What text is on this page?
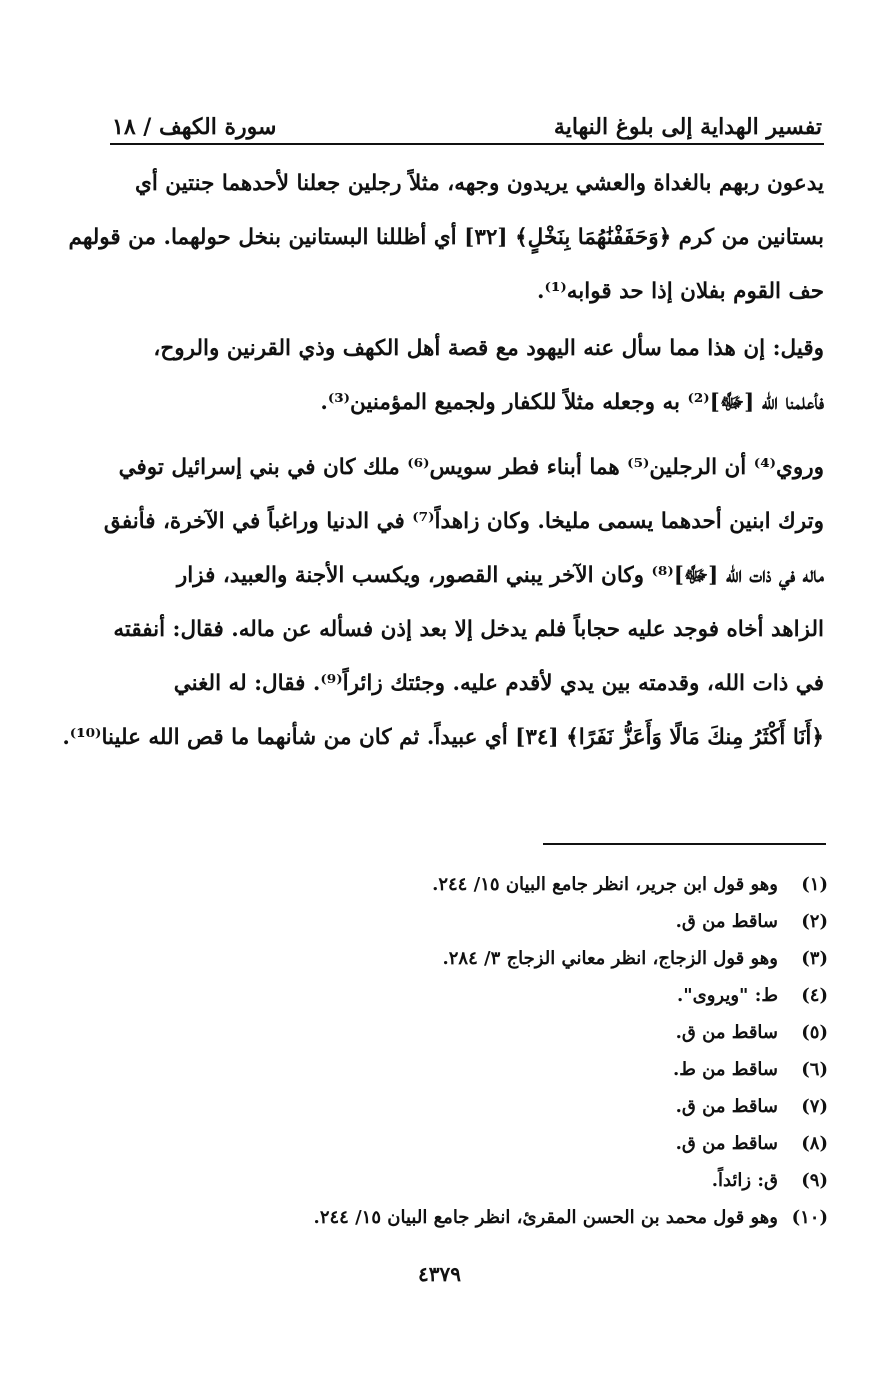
سورة الكهف / ١٨	تفسير الهداية إلى بلوغ النهاية
يدعون ربهم بالغداة والعشي يريدون وجهه، مثلاً رجلين جعلنا لأحدهما جنتين أي
بستانين من كرم ﴿وَحَفَفْنَٰهُمَا بِنَخْلٍ﴾ [٣٢] أي أظللنا البستانين بنخل حولهما. من قولهم
حف القوم بفلان إذا حد قوابه⁽¹⁾.
وقيل: إن هذا مما سأل عنه اليهود مع قصة أهل الكهف وذي القرنين والروح،
فأعلمنا الله [ﷻ]⁽²⁾ به وجعله مثلاً للكفار ولجميع المؤمنين⁽³⁾.
وروي⁽⁴⁾ أن الرجلين⁽⁵⁾ هما أبناء فطر سويس⁽⁶⁾ ملك كان في بني إسرائيل توفي
وترك ابنين أحدهما يسمى مليخا. وكان زاهداً⁽⁷⁾ في الدنيا وراغباً في الآخرة، فأنفق
ماله في ذات الله [ﷻ]⁽⁸⁾ وكان الآخر يبني القصور، ويكسب الأجنة والعبيد، فزار
الزاهد أخاه فوجد عليه حجاباً فلم يدخل إلا بعد إذن فسأله عن ماله. فقال: أنفقته
في ذات الله، وقدمته بين يدي لأقدم عليه. وجئتك زائراً⁽⁹⁾. فقال: له الغني
﴿أَنَا أَكْثَرُ مِنكَ مَالًا وَأَعَزُّ نَفَرًا﴾ [٣٤] أي عبيداً. ثم كان من شأنهما ما قص الله علينا⁽¹⁰⁾.
(١)
وهو قول ابن جرير، انظر جامع البيان ١٥/ ٢٤٤.
(٢)
ساقط من ق.
(٣)
وهو قول الزجاج، انظر معاني الزجاج ٣/ ٢٨٤.
(٤)
ط: "ويروى".
(٥)
ساقط من ق.
(٦)
ساقط من ط.
(٧)
ساقط من ق.
(٨)
ساقط من ق.
(٩)
ق: زائداً.
(١٠)
وهو قول محمد بن الحسن المقرئ، انظر جامع البيان ١٥/ ٢٤٤.
٤٣٧٩
